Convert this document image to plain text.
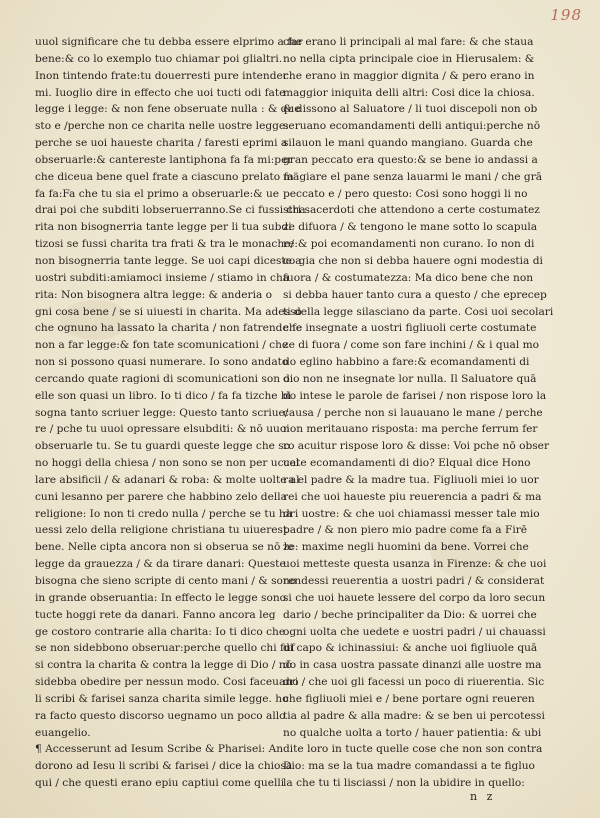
198
uuol significare che tu debba essere elprimo a far
bene:& co lo exemplo tuo chiamar poi glialtri.
Inon tintendo frate:tu douerresti pure intender
mi. Iuoglio dire in effecto che uoi tucti odi fate
legge i legge: & non fene obseruate nulla : & que
sto e /perche non ce charita nelle uostre legge:
perche se uoi haueste charita / faresti eprimi a
obseruarle:& cantereste lantiphona fa fa mi:per
che diceua bene quel frate a ciascuno prelato fa
fa fa:Fa che tu sia el primo a obseruarle:& ue
drai poi che subditi lobseruerranno.Se ci fussi cha
rita non bisognerria tante legge per li tua subdi
tizosi se fussi charita tra frati & tra le monache/
non bisognerria tante legge. Se uoi capi diceste a
uostri subditi:amiamoci insieme / stiamo in cha
rita: Non bisognera altra legge: & anderia o
gni cosa bene / se si uiuesti in charita. Ma adesso
che ognuno ha lassato la charita / non fatrende fe
non a far legge:& fon tate scomunicationi / che
non si possono quasi numerare. Io sono andato
cercando quate ragioni di scomunicationi son o:
elle son quasi un libro. Io ti dico / fa fa tizche bi
sogna tanto scriuer legge: Questo tanto scriue/
re / pche tu uuoi opressare elsubditi: & nō uuoi
obseruarle tu. Se tu guardi queste legge che so
no hoggi della chiesa / non sono se non per uccel
lare absificii / & adanari & roba: & molte uolte al
cuni lesanno per parere che habbino zelo della
religione: Io non ti credo nulla / perche se tu ha
uessi zelo della religione christiana tu uiuerest
bene. Nelle cipta ancora non si obserua se nō le
legge da grauezza / & da tirare danari: Queste
bisogna che sieno scripte di cento mani / & sono
in grande obseruantia: In effecto le legge sono
tucte hoggi rete da danari. Fanno ancora leg
ge costoro contrarie alla charita: Io ti dico che
se non sidebbono obseruar:perche quello chi fuf
si contra la charita & contra la legge di Dio / nō
sidebba obedire per nessun modo. Cosi faceuano
li scribi & farisei sanza charita simile legge. ho
ra facto questo discorso uegnamo un poco allo
euangelio.
¶ Accesserunt ad Iesum Scribe & Pharisei: An
dorono ad Iesu li scribi & farisei / dice la chiosa
qui / che questi erano epiu captiui come quelli
che erano li principali al mal fare: & che staua
no nella cipta principale cioe in Hierusalem: &
che erano in maggior dignita / & pero erano in
maggior iniquita delli altri: Cosi dice la chiosa.
& dissono al Saluatore / li tuoi discepoli non ob
seruano ecomandamenti delli antiqui:perche nō
silauon le mani quando mangiano. Guarda che
gran peccato era questo:& se bene io andassi a
mägiare el pane senza lauarmi le mani / che grā
peccato e / pero questo: Cosi sono hoggi li no
stri sacerdoti che attendono a certe costumatez
ze difuora / & tengono le mane sotto lo scapula
re:& poi ecomandamenti non curano. Io non di
co gia che non si debba hauere ogni modestia di
fuora / & costumatezza: Ma dico bene che non
si debba hauer tanto cura a questo / che eprecep
ti della legge silasciano da parte. Cosi uoi secolari
che insegnate a uostri figliuoli certe costumate
ze di fuora / come son fare inchini / & i qual mo
do eglino habbino a fare:& ecomandamenti di
dio non ne insegnate lor nulla. Il Saluatore quā
do intese le parole de farisei / non rispose loro la
causa / perche non si lauauano le mane / perche
non meritauano risposta: ma perche ferrum fer
ro acuitur rispose loro & disse: Voi pche nō obser
uate ecomandamenti di dio? Elqual dice Hono
ra el padre & la madre tua. Figliuoli miei io uor
rei che uoi haueste piu reuerencia a padri & ma
dri uostre: & che uoi chiamassi messer tale mio
padre / & non piero mio padre come fa a Firē
ze: maxime negli huomini da bene. Vorrei che
uoi metteste questa usanza in Firenze: & che uoi
rendessi reuerentia a uostri padri / & considerat
si che uoi hauete lessere del corpo da loro secun
dario / beche principaliter da Dio: & uorrei che
ogni uolta che uedete e uostri padri / ui chauassi
di capo & ichinassiui: & anche uoi figliuole quā
do in casa uostra passate dinanzi alle uostre ma
dri / che uoi gli facessi un poco di riuerentia. Sic
che figliuoli miei e / bene portare ogni reueren
tia al padre & alla madre: & se ben ui percotessi
no qualche uolta a torto / hauer patientia: & ubi
dite loro in tucte quelle cose che non son contra
Dio: ma se la tua madre comandassi a te figluo
la che tu ti lisciassi / non la ubidire in quello:
n z
